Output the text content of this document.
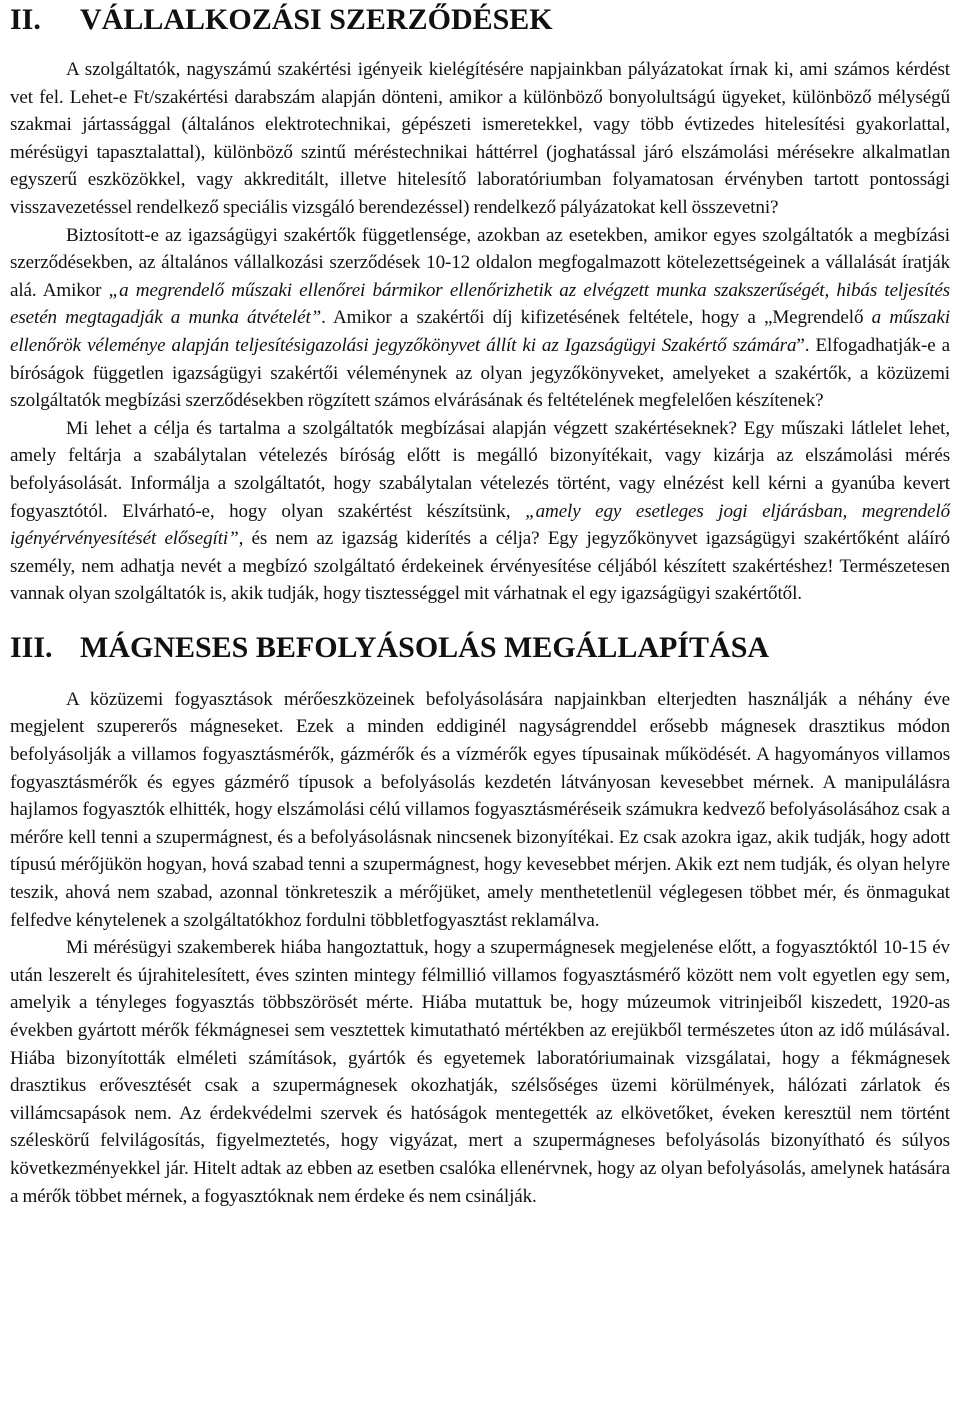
II.	VÁLLALKOZÁSI SZERZŐDÉSEK

A szolgáltatók, nagyszámú szakértési igényeik kielégítésére napjainkban pályázatokat írnak ki, ami számos kérdést vet fel. Lehet-e Ft/szakértési darabszám alapján dönteni, amikor a különböző bonyolultságú ügyeket, különböző mélységű szakmai jártassággal (általános elektrotechnikai, gépészeti ismeretekkel, vagy több évtizedes hitelesítési gyakorlattal, mérésügyi tapasztalattal), különböző szintű méréstechnikai háttérrel (joghatással járó elszámolási mérésekre alkalmatlan egyszerű eszközökkel, vagy akkreditált, illetve hitelesítő laboratóriumban folyamatosan érvényben tartott pontossági visszavezetéssel rendelkező speciális vizsgáló berendezéssel) rendelkező pályázatokat kell összevetni?

Biztosított-e az igazságügyi szakértők függetlensége, azokban az esetekben, amikor egyes szolgáltatók a megbízási szerződésekben, az általános vállalkozási szerződések 10-12 oldalon megfogalmazott kötelezettségeinek a vállalását íratják alá. Amikor „a megrendelő műszaki ellenőrei bármikor ellenőrizhetik az elvégzett munka szakszerűségét, hibás teljesítés esetén megtagadják a munka átvételét”. Amikor a szakértői díj kifizetésének feltétele, hogy a „Megrendelő a műszaki ellenőrök véleménye alapján teljesítésigazolási jegyzőkönyvet állít ki az Igazságügyi Szakértő számára”. Elfogadhatják-e a bíróságok független igazságügyi szakértői véleménynek az olyan jegyzőkönyveket, amelyeket a szakértők, a közüzemi szolgáltatók megbízási szerződésekben rögzített számos elvárásának és feltételének megfelelően készítenek?

Mi lehet a célja és tartalma a szolgáltatók megbízásai alapján végzett szakértéseknek? Egy műszaki látlelet lehet, amely feltárja a szabálytalan vételezés bíróság előtt is megálló bizonyítékait, vagy kizárja az elszámolási mérés befolyásolását. Informálja a szolgáltatót, hogy szabálytalan vételezés történt, vagy elnézést kell kérni a gyanúba kevert fogyasztótól. Elvárható-e, hogy olyan szakértést készítsünk, „amely egy esetleges jogi eljárásban, megrendelő igényérvényesítését elősegíti”, és nem az igazság kiderítés a célja? Egy jegyzőkönyvet igazságügyi szakértőként aláíró személy, nem adhatja nevét a megbízó szolgáltató érdekeinek érvényesítése céljából készített szakértéshez! Természetesen vannak olyan szolgáltatók is, akik tudják, hogy tisztességgel mit várhatnak el egy igazságügyi szakértőtől.

III. MÁGNESES BEFOLYÁSOLÁS MEGÁLLAPÍTÁSA

A közüzemi fogyasztások mérőeszközeinek befolyásolására napjainkban elterjedten használják a néhány éve megjelent szupererős mágneseket. Ezek a minden eddiginél nagyságrenddel erősebb mágnesek drasztikus módon befolyásolják a villamos fogyasztásmérők, gázmérők és a vízmérők egyes típusainak működését. A hagyományos villamos fogyasztásmérők és egyes gázmérő típusok a befolyásolás kezdetén látványosan kevesebbet mérnek. A manipulálásra hajlamos fogyasztók elhitték, hogy elszámolási célú villamos fogyasztásméréseik számukra kedvező befolyásolásához csak a mérőre kell tenni a szupermágnest, és a befolyásolásnak nincsenek bizonyítékai. Ez csak azokra igaz, akik tudják, hogy adott típusú mérőjükön hogyan, hová szabad tenni a szupermágnest, hogy kevesebbet mérjen. Akik ezt nem tudják, és olyan helyre teszik, ahová nem szabad, azonnal tönkreteszik a mérőjüket, amely menthetetlenül véglegesen többet mér, és önmagukat felfedve kénytelenek a szolgáltatókhoz fordulni többletfogyasztást reklamálva.

Mi mérésügyi szakemberek hiába hangoztattuk, hogy a szupermágnesek megjelenése előtt, a fogyasztóktól 10-15 év után leszerelt és újrahitelesített, éves szinten mintegy félmillió villamos fogyasztásmérő között nem volt egyetlen egy sem, amelyik a tényleges fogyasztás többszörösét mérte. Hiába mutattuk be, hogy múzeumok vitrinjeiből kiszedett, 1920-as években gyártott mérők fékmágnesei sem vesztettek kimutatható mértékben az erejükből természetes úton az idő múlásával. Hiába bizonyították elméleti számítások, gyártók és egyetemek laboratóriumainak vizsgálatai, hogy a fékmágnesek drasztikus erővesztését csak a szupermágnesek okozhatják, szélsőséges üzemi körülmények, hálózati zárlatok és villámcsapások nem. Az érdekvédelmi szervek és hatóságok mentegették az elkövetőket, éveken keresztül nem történt széleskörű felvilágosítás, figyelmeztetés, hogy vigyázat, mert a szupermágneses befolyásolás bizonyítható és súlyos következményekkel jár. Hitelt adtak az ebben az esetben csalóka ellenérvnek, hogy az olyan befolyásolás, amelynek hatására a mérők többet mérnek, a fogyasztóknak nem érdeke és nem csinálják.
